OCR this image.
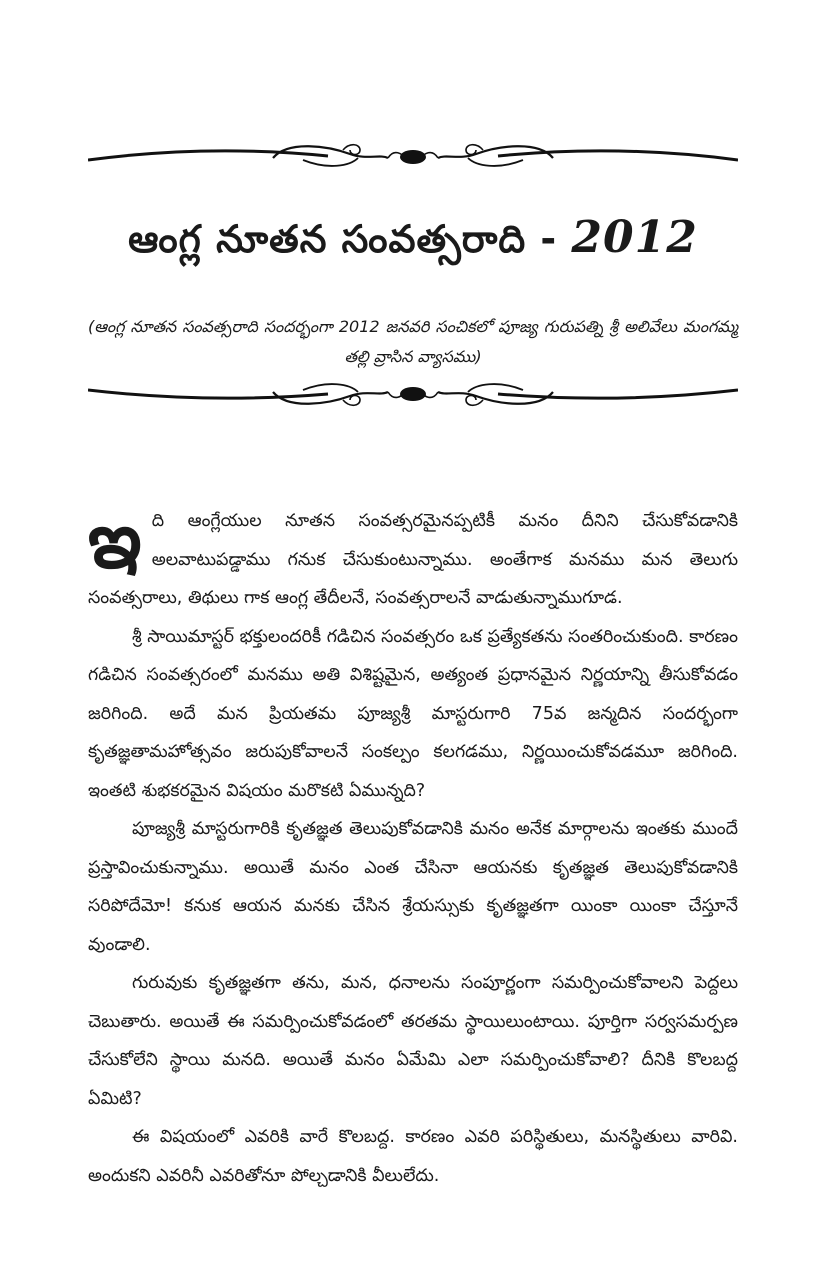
ఆంగ్ల నూతన సంవత్సరాది - 2012
(ఆంగ్ల నూతన సంవత్సరాది సందర్భంగా 2012 జనవరి సంచికలో పూజ్య గురుపత్ని శ్రీ అలివేలు మంగమ్మ తల్లి వ్రాసిన వ్యాసము)

ఇది ఆంగ్లేయుల నూతన సంవత్సరమైనప్పటికీ మనం దీనిని చేసుకోవడానికి అలవాటుపడ్డాము గనుక చేసుకుంటున్నాము. అంతేగాక మనము మన తెలుగు సంవత్సరాలు, తిథులు గాక ఆంగ్ల తేదీలనే, సంవత్సరాలనే వాడుతున్నాముగూడ.

శ్రీ సాయిమాస్టర్ భక్తులందరికీ గడిచిన సంవత్సరం ఒక ప్రత్యేకతను సంతరించుకుంది. కారణం గడిచిన సంవత్సరంలో మనము అతి విశిష్టమైన, అత్యంత ప్రధానమైన నిర్ణయాన్ని తీసుకోవడం జరిగింది. అదే మన ప్రియతమ పూజ్యశ్రీ మాస్టరుగారి 75వ జన్మదిన సందర్భంగా కృతజ్ఞతామహోత్సవం జరుపుకోవాలనే సంకల్పం కలగడము, నిర్ణయించుకోవడమూ జరిగింది. ఇంతటి శుభకరమైన విషయం మరొకటి ఏమున్నది?

పూజ్యశ్రీ మాస్టరుగారికి కృతజ్ఞత తెలుపుకోవడానికి మనం అనేక మార్గాలను ఇంతకు ముందే ప్రస్తావించుకున్నాము. అయితే మనం ఎంత చేసినా ఆయనకు కృతజ్ఞత తెలుపుకోవడానికి సరిపోదేమో! కనుక ఆయన మనకు చేసిన శ్రేయస్సుకు కృతజ్ఞతగా యింకా యింకా చేస్తూనే వుండాలి.

గురువుకు కృతజ్ఞతగా తను, మన, ధనాలను సంపూర్ణంగా సమర్పించుకోవాలని పెద్దలు చెబుతారు. అయితే ఈ సమర్పించుకోవడంలో తరతమ స్థాయిలుంటాయి. పూర్తిగా సర్వసమర్పణ చేసుకోలేని స్థాయి మనది. అయితే మనం ఏమేమి ఎలా సమర్పించుకోవాలి? దీనికి కొలబద్ద ఏమిటి?

ఈ విషయంలో ఎవరికి వారే కొలబద్ద. కారణం ఎవరి పరిస్థితులు, మనస్థితులు వారివి. అందుకని ఎవరినీ ఎవరితోనూ పోల్చడానికి వీలులేదు.
